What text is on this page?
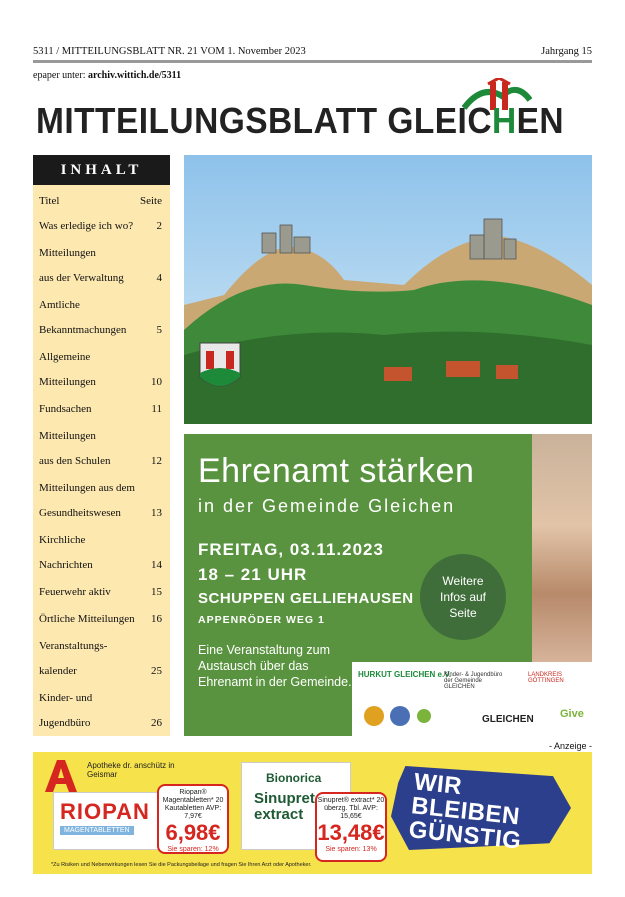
5311 / MITTEILUNGSBLATT NR. 21 VOM 1. November 2023	Jahrgang 15
epaper unter: archiv.wittich.de/5311
MITTEILUNGSBLATT GLEICHEN
INHALT
Titel	Seite
Was erledige ich wo? 2
Mitteilungen
aus der Verwaltung	4
Amtliche
Bekanntmachungen	5
Allgemeine
Mitteilungen	10
Fundsachen	11
Mitteilungen
aus den Schulen	12
Mitteilungen aus dem
Gesundheitswesen	13
Kirchliche
Nachrichten	14
Feuerwehr aktiv	15
Örtliche Mitteilungen 16
Veranstaltungs-
kalender	25
Kinder- und
Jugendbüro	26
Ehrenamt stärken
in der Gemeinde Gleichen
FREITAG, 03.11.2023
18 – 21 UHR
SCHUPPEN GELLIEHAUSEN
APPENRÖDER WEG 1
Eine Veranstaltung zum Austausch über das Ehrenamt in der Gemeinde.
Weitere Infos auf Seite
HURKUT GLEICHEN e.V.
Kinder- & Jugendbüro der Gemeinde GLEICHEN
LANDKREIS GÖTTINGEN
GLEICHEN Give
- Anzeige -
Apotheke dr. anschütz in Geismar
RIOPAN
MAGENTABLETTEN
Riopan® Magentabletten* 20 Kautabletten AVP: 7,97€
6,98€
Sie sparen: 12%
Bionorica
Sinupret extract
Sinupret® extract* 20 überzg. Tbl. AVP: 15,65€
13,48€
Sie sparen: 13%
WIR BLEIBEN GÜNSTIG
*Zu Risiken und Nebenwirkungen lesen Sie die Packungsbeilage und fragen Sie Ihren Arzt oder Apotheker.
